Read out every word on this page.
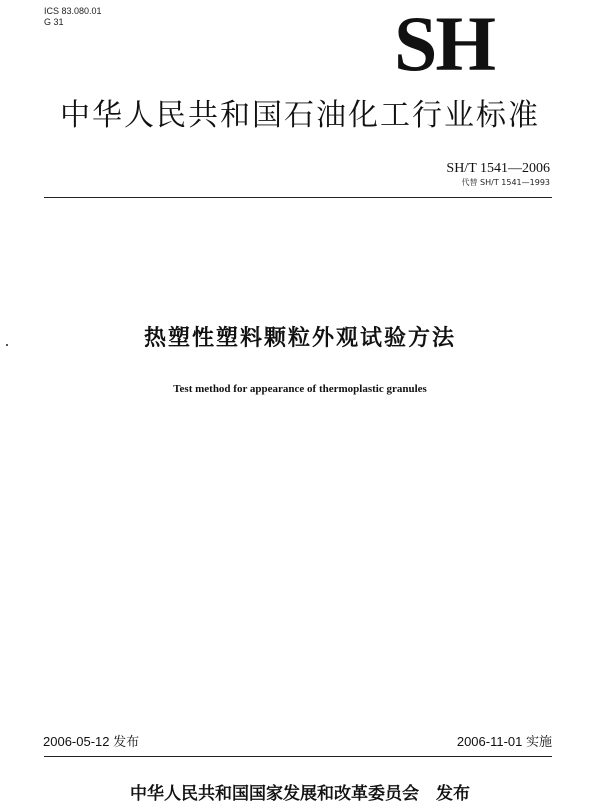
ICS 83.080.01
G 31	SH
中华人民共和国石油化工行业标准
SH/T 1541—2006
代替 SH/T 1541—1993
热塑性塑料颗粒外观试验方法
Test method for appearance of thermoplastic granules
2006-05-12 发布	2006-11-01 实施
中华人民共和国国家发展和改革委员会　发布
